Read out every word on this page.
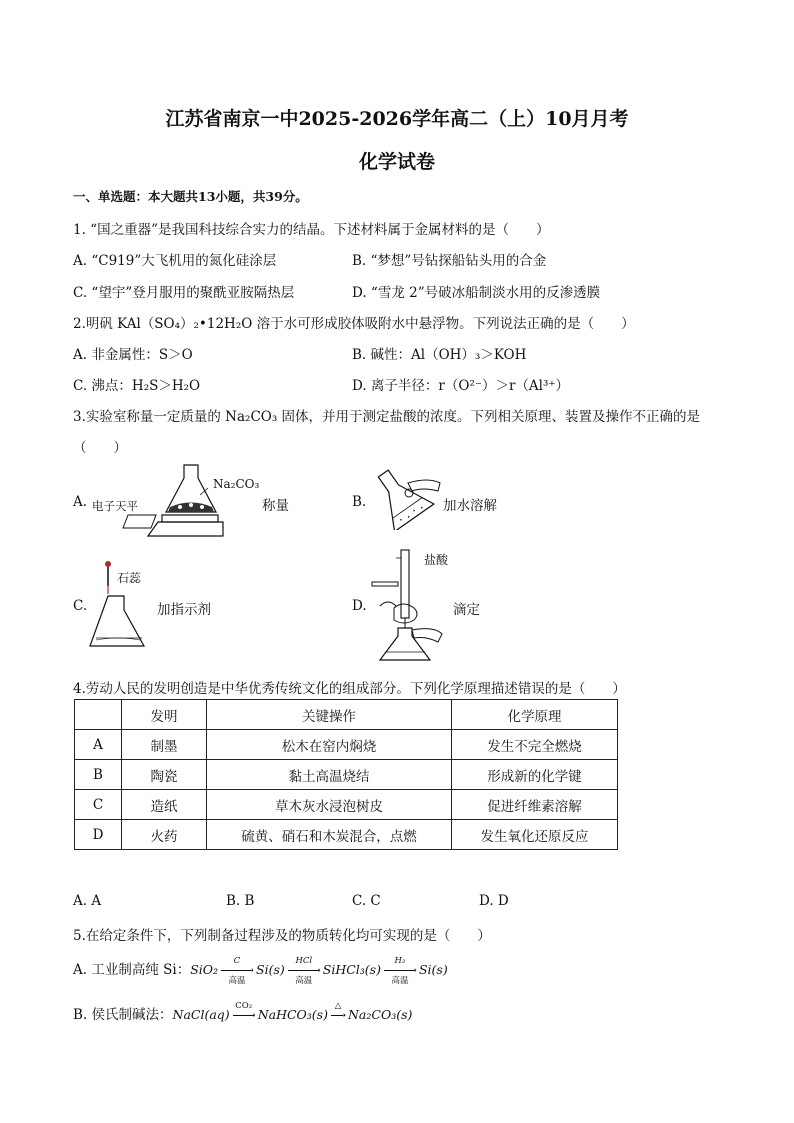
江苏省南京一中2025-2026学年高二（上）10月月考
化学试卷
一、单选题：本大题共13小题，共39分。
1. “国之重器”是我国科技综合实力的结晶。下述材料属于金属材料的是（　　）
A. “C919”大飞机用的氮化硅涂层	B. “梦想”号钻探船钻头用的合金
C. “望宇”登月服用的聚酰亚胺隔热层	D. “雪龙 2”号破冰船制淡水用的反渗透膜
2.明矾 KAl（SO₄）₂•12H₂O 溶于水可形成胶体吸附水中悬浮物。下列说法正确的是（　　）
A. 非金属性：S＞O	B. 碱性：Al（OH）₃＞KOH
C. 沸点：H₂S＞H₂O	D. 离子半径：r（O²⁻）＞r（Al³⁺）
3.实验室称量一定质量的 Na₂CO₃ 固体，并用于测定盐酸的浓度。下列相关原理、装置及操作不正确的是
（　　）
A. 电子天平
Na₂CO₃
称量	B.	加水溶解
C.
石蕊
加指示剂	D.
盐酸
滴定
4.劳动人民的发明创造是中华优秀传统文化的组成部分。下列化学原理描述错误的是（　　）
	发明	关键操作	化学原理
A	制墨	松木在窑内焖烧	发生不完全燃烧
B	陶瓷	黏土高温烧结	形成新的化学键
C	造纸	草木灰水浸泡树皮	促进纤维素溶解
D	火药	硫黄、硝石和木炭混合，点燃	发生氧化还原反应
A. A	B. B	C. C	D. D
5.在给定条件下，下列制备过程涉及的物质转化均可实现的是（　　）
A. 工业制高纯 Si：SiO₂
C
➝
高温
Si(s)
HCl
➝
高温
SiHCl₃(s)
H₂
➝
高温
Si(s)
B. 侯氏制碱法：NaCl(aq)
CO₂
➝ NaHCO₃(s)
△
➝ Na₂CO₃(s)
